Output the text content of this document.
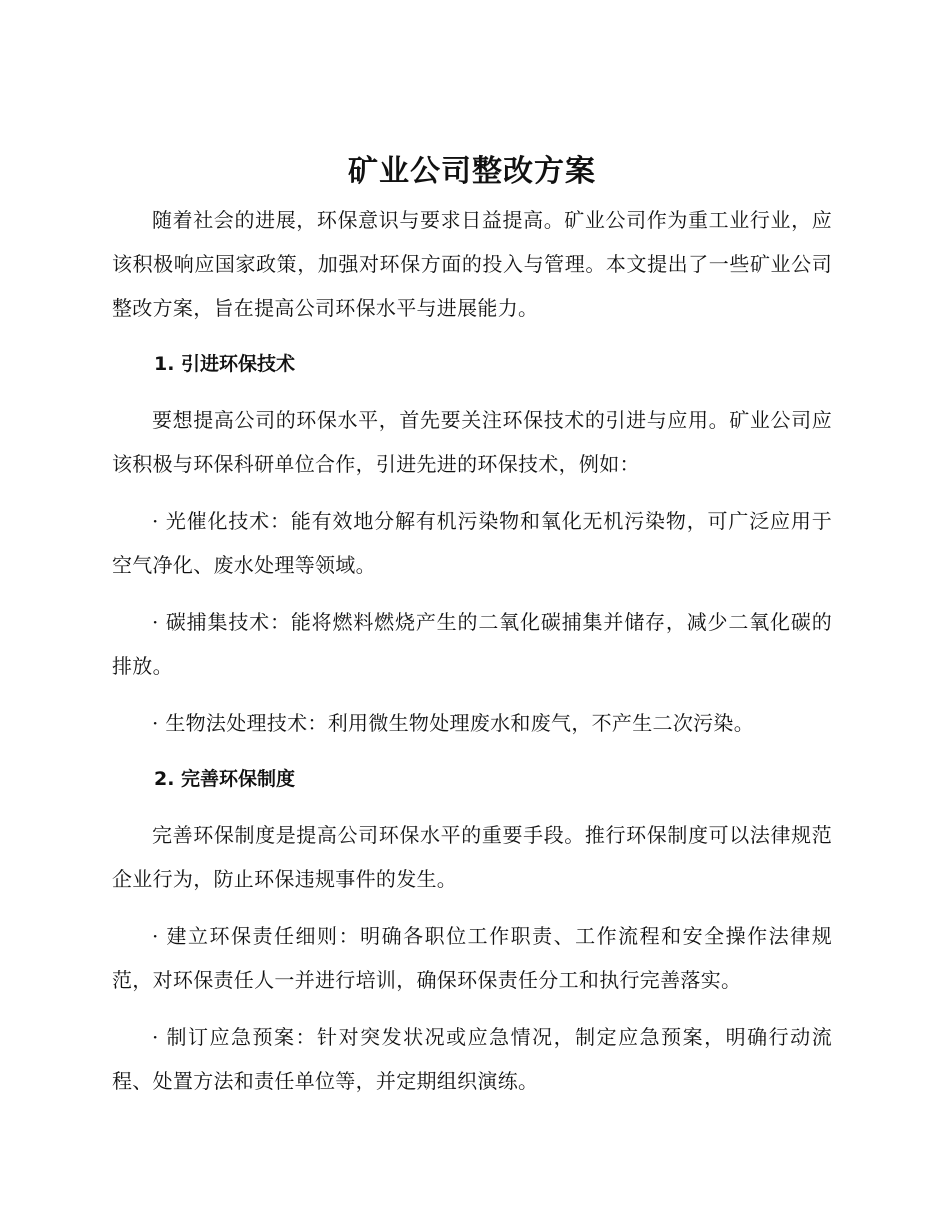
矿业公司整改方案

随着社会的进展，环保意识与要求日益提高。矿业公司作为重工业行业，应该积极响应国家政策，加强对环保方面的投入与管理。本文提出了一些矿业公司整改方案，旨在提高公司环保水平与进展能力。

1. 引进环保技术

要想提高公司的环保水平，首先要关注环保技术的引进与应用。矿业公司应该积极与环保科研单位合作，引进先进的环保技术，例如：

· 光催化技术：能有效地分解有机污染物和氧化无机污染物，可广泛应用于空气净化、废水处理等领域。

· 碳捕集技术：能将燃料燃烧产生的二氧化碳捕集并储存，减少二氧化碳的排放。

· 生物法处理技术：利用微生物处理废水和废气，不产生二次污染。

2. 完善环保制度

完善环保制度是提高公司环保水平的重要手段。推行环保制度可以法律规范企业行为，防止环保违规事件的发生。

· 建立环保责任细则：明确各职位工作职责、工作流程和安全操作法律规范，对环保责任人一并进行培训，确保环保责任分工和执行完善落实。

· 制订应急预案：针对突发状况或应急情况，制定应急预案，明确行动流程、处置方法和责任单位等，并定期组织演练。
